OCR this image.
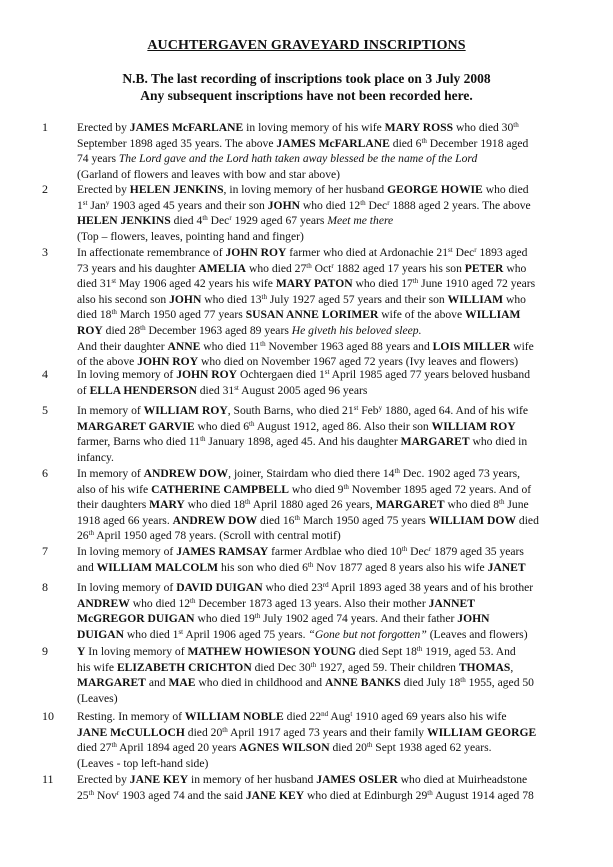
AUCHTERGAVEN GRAVEYARD INSCRIPTIONS
N.B. The last recording of inscriptions took place on 3 July 2008
Any subsequent inscriptions have not been recorded here.
1	Erected by JAMES McFARLANE in loving memory of his wife MARY ROSS who died 30th

September 1898 aged 35 years. The above JAMES McFARLANE died 6th December 1918 aged

74 years The Lord gave and the Lord hath taken away blessed be the name of the Lord

(Garland of flowers and leaves with bow and star above)

2	Erected by HELEN JENKINS, in loving memory of her husband GEORGE HOWIE who died

1st Jan$^y$ 1903 aged 45 years and their son JOHN who died 12th Dec$^r$ 1888 aged 2 years. The above

HELEN JENKINS died 4th Dec$^r$ 1929 aged 67 years Meet me there

(Top – flowers, leaves, pointing hand and finger)

3	In affectionate remembrance of JOHN ROY farmer who died at Ardonachie 21st Dec$^r$ 1893 aged

73 years and his daughter AMELIA who died 27th Oct$^r$ 1882 aged 17 years his son PETER who

died 31st May 1906 aged 42 years his wife MARY PATON who died 17th June 1910 aged 72 years

also his second son JOHN who died 13th July 1927 aged 57 years and their son WILLIAM who

died 18th March 1950 aged 77 years SUSAN ANNE LORIMER wife of the above WILLIAM

ROY died 28th December 1963 aged 89 years He giveth his beloved sleep.

And their daughter ANNE who died 11th November 1963 aged 88 years and LOIS MILLER wife

of the above JOHN ROY who died on November 1967 aged 72 years (Ivy leaves and flowers)

4	In loving memory of JOHN ROY Ochtergaen died 1st April 1985 aged 77 years beloved husband

of ELLA HENDERSON died 31st August 2005 aged 96 years

5	In memory of WILLIAM ROY, South Barns, who died 21st Feb$^y$ 1880, aged 64. And of his wife

MARGARET GARVIE who died 6th August 1912, aged 86. Also their son WILLIAM ROY

farmer, Barns who died 11th January 1898, aged 45. And his daughter MARGARET who died in

infancy.

6	In memory of ANDREW DOW, joiner, Stairdam who died there 14th Dec. 1902 aged 73 years,

also of his wife CATHERINE CAMPBELL who died 9th November 1895 aged 72 years. And of

their daughters MARY who died 18th April 1880 aged 26 years, MARGARET who died 8th June

1918 aged 66 years. ANDREW DOW died 16th March 1950 aged 75 years WILLIAM DOW died

26th April 1950 aged 78 years. (Scroll with central motif)

7	In loving memory of JAMES RAMSAY farmer Ardblae who died 10th Dec$^r$ 1879 aged 35 years

and WILLIAM MALCOLM his son who died 6th Nov 1877 aged 8 years also his wife JANET

8	In loving memory of DAVID DUIGAN who died 23rd April 1893 aged 38 years and of his brother

ANDREW who died 12th December 1873 aged 13 years. Also their mother JANNET

McGREGOR DUIGAN who died 19th July 1902 aged 74 years. And their father JOHN

DUIGAN who died 1st April 1906 aged 75 years. “Gone but not forgotten” (Leaves and flowers)

9	Y In loving memory of MATHEW HOWIESON YOUNG died Sept 18th 1919, aged 53. And

his wife ELIZABETH CRICHTON died Dec 30th 1927, aged 59. Their children THOMAS,

MARGARET and MAE who died in childhood and ANNE BANKS died July 18th 1955, aged 50

(Leaves)

10 Resting. In memory of WILLIAM NOBLE died 22nd Aug$^t$ 1910 aged 69 years also his wife

JANE McCULLOCH died 20th April 1917 aged 73 years and their family WILLIAM GEORGE

died 27th April 1894 aged 20 years AGNES WILSON died 20th Sept 1938 aged 62 years.

(Leaves - top left-hand side)

11 Erected by JANE KEY in memory of her husband JAMES OSLER who died at Muirheadstone

25th Nov$^r$ 1903 aged 74 and the said JANE KEY who died at Edinburgh 29th August 1914 aged 78
